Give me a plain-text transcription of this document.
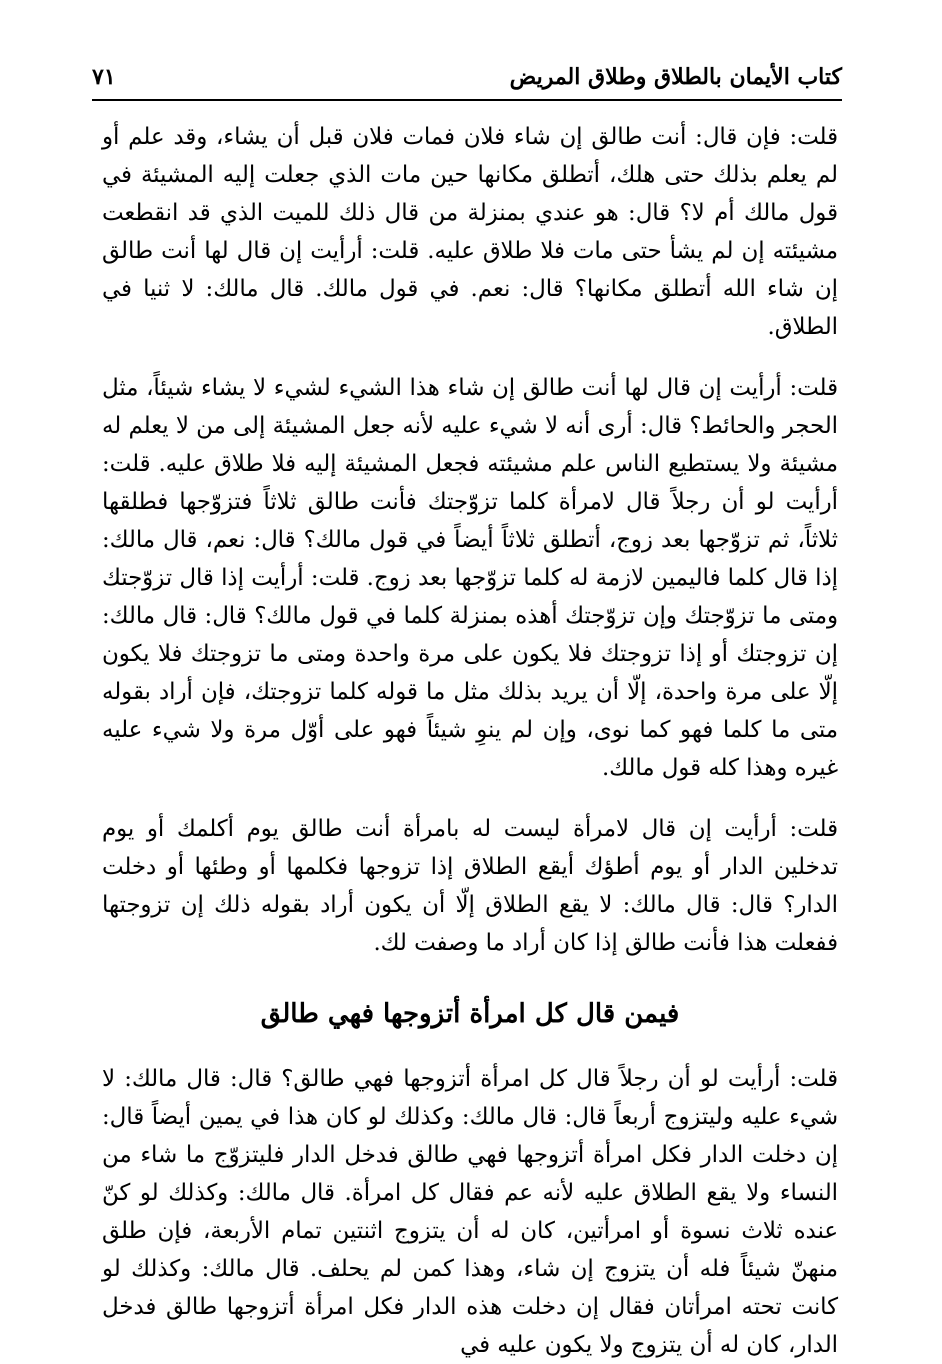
كتاب الأيمان بالطلاق وطلاق المريض
٧١

قلت: فإن قال: أنت طالق إن شاء فلان فمات فلان قبل أن يشاء، وقد علم أو لم يعلم بذلك حتى هلك، أتطلق مكانها حين مات الذي جعلت إليه المشيئة في قول مالك أم لا؟ قال: هو عندي بمنزلة من قال ذلك للميت الذي قد انقطعت مشيئته إن لم يشأ حتى مات فلا طلاق عليه. قلت: أرأيت إن قال لها أنت طالق إن شاء الله أتطلق مكانها؟ قال: نعم. في قول مالك. قال مالك: لا ثنيا في الطلاق.

قلت: أرأيت إن قال لها أنت طالق إن شاء هذا الشيء لشيء لا يشاء شيئاً، مثل الحجر والحائط؟ قال: أرى أنه لا شيء عليه لأنه جعل المشيئة إلى من لا يعلم له مشيئة ولا يستطيع الناس علم مشيئته فجعل المشيئة إليه فلا طلاق عليه. قلت: أرأيت لو أن رجلاً قال لامرأة كلما تزوّجتك فأنت طالق ثلاثاً فتزوّجها فطلقها ثلاثاً، ثم تزوّجها بعد زوج، أتطلق ثلاثاً أيضاً في قول مالك؟ قال: نعم، قال مالك: إذا قال كلما فاليمين لازمة له كلما تزوّجها بعد زوج. قلت: أرأيت إذا قال تزوّجتك ومتى ما تزوّجتك وإن تزوّجتك أهذه بمنزلة كلما في قول مالك؟ قال: قال مالك: إن تزوجتك أو إذا تزوجتك فلا يكون على مرة واحدة ومتى ما تزوجتك فلا يكون إلّا على مرة واحدة، إلّا أن يريد بذلك مثل ما قوله كلما تزوجتك، فإن أراد بقوله متى ما كلما فهو كما نوى، وإن لم ينوِ شيئاً فهو على أوّل مرة ولا شيء عليه غيره وهذا كله قول مالك.

قلت: أرأيت إن قال لامرأة ليست له بامرأة أنت طالق يوم أكلمك أو يوم تدخلين الدار أو يوم أطؤك أيقع الطلاق إذا تزوجها فكلمها أو وطئها أو دخلت الدار؟ قال: قال مالك: لا يقع الطلاق إلّا أن يكون أراد بقوله ذلك إن تزوجتها ففعلت هذا فأنت طالق إذا كان أراد ما وصفت لك.

فيمن قال كل امرأة أتزوجها فهي طالق

قلت: أرأيت لو أن رجلاً قال كل امرأة أتزوجها فهي طالق؟ قال: قال مالك: لا شيء عليه وليتزوج أربعاً قال: قال مالك: وكذلك لو كان هذا في يمين أيضاً قال: إن دخلت الدار فكل امرأة أتزوجها فهي طالق فدخل الدار فليتزوّج ما شاء من النساء ولا يقع الطلاق عليه لأنه عم فقال كل امرأة. قال مالك: وكذلك لو كنّ عنده ثلاث نسوة أو امرأتين، كان له أن يتزوج اثنتين تمام الأربعة، فإن طلق منهنّ شيئاً فله أن يتزوج إن شاء، وهذا كمن لم يحلف. قال مالك: وكذلك لو كانت تحته امرأتان فقال إن دخلت هذه الدار فكل امرأة أتزوجها طالق فدخل الدار، كان له أن يتزوج ولا يكون عليه في
